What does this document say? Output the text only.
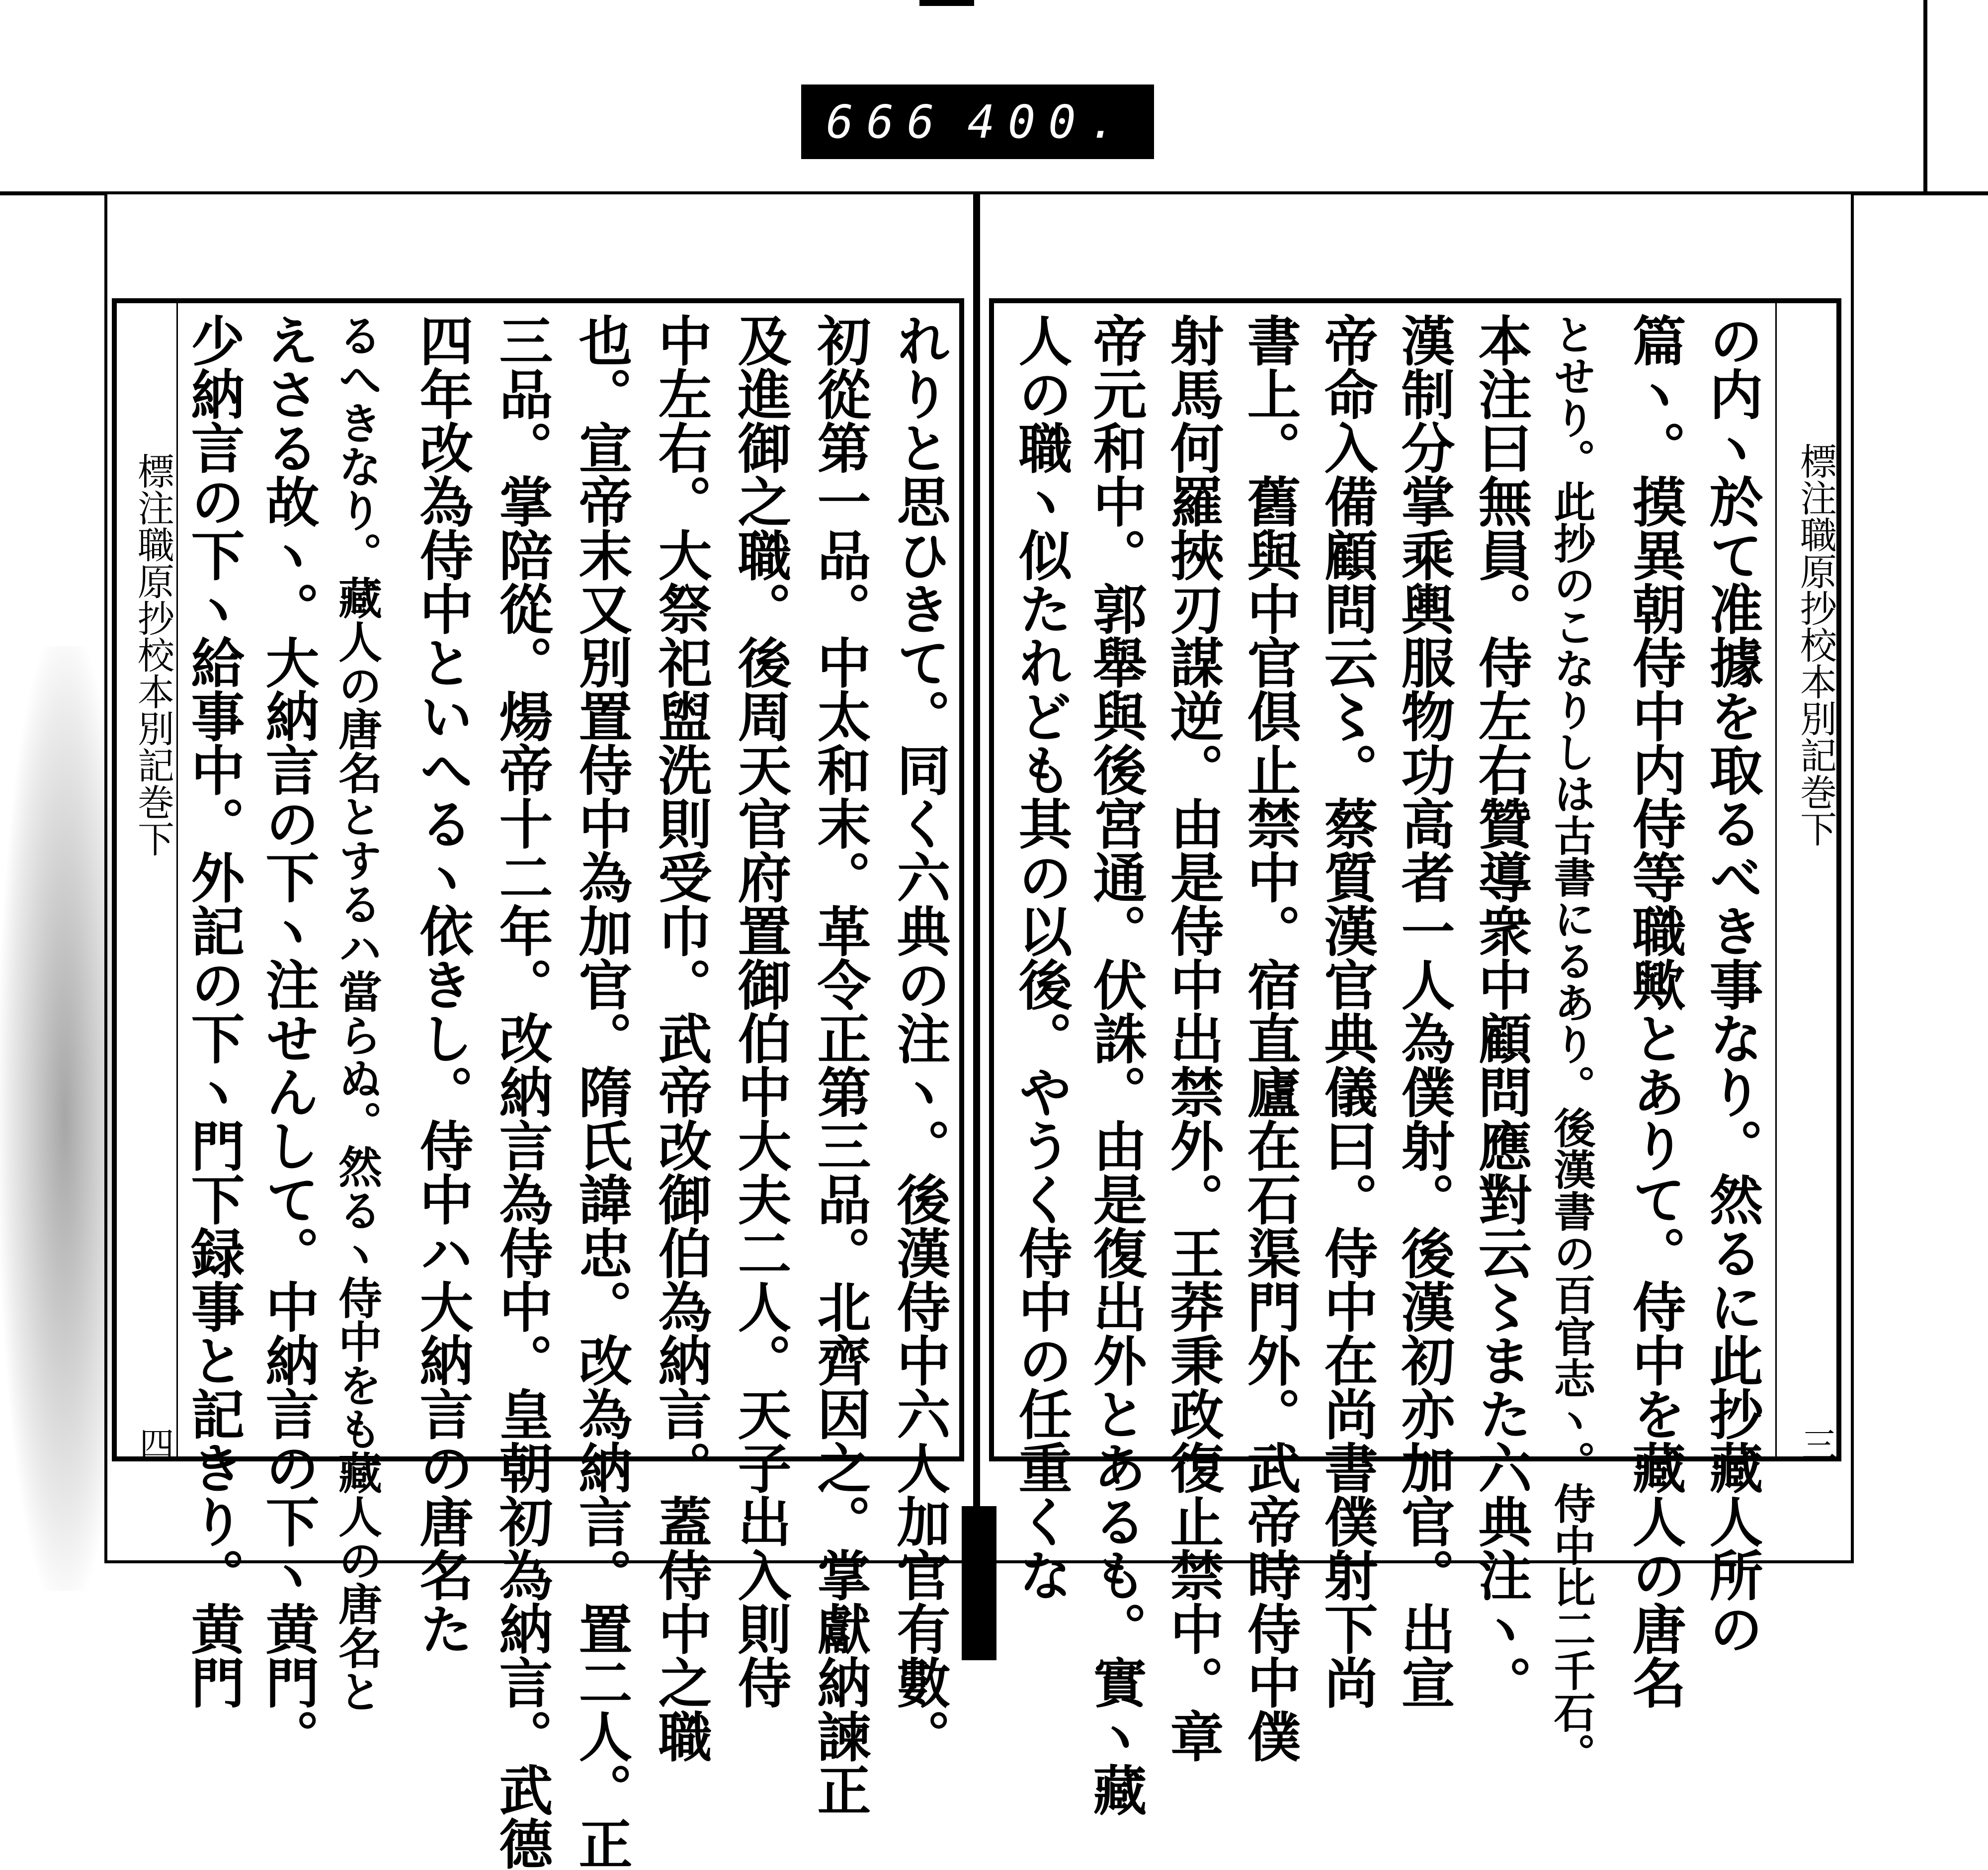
666 400.
標注職原抄校本別記巻下
四	れりと思ひきて。同く六典の注ヽ。後漢侍中六人加官有數。
初從第一品。中太和末。革令正第三品。北齊因之。掌獻納諫正
及進御之職。後周天官府置御伯中大夫二人。天子出入則侍
中左右。大祭祀盥洗則受巾。武帝改御伯為納言。蓋侍中之職
也。宣帝末又別置侍中為加官。隋氏諱忠。改為納言。置二人。正
三品。掌陪從。煬帝十二年。改納言為侍中。皇朝初為納言。武德
四年改為侍中といへるヽ依きし。侍中ハ大納言の唐名た
るへきなり。藏人の唐名とするハ當らぬ。然るヽ侍中をも藏人の唐名と
えさる故ヽ。大納言の下ヽ注せんして。中納言の下ヽ黄門。
少納言の下ヽ給事中。外記の下ヽ門下録事と記きり。黄門	標注職原抄校本別記巻下
三
の内ヽ於て准據を取るべき事なり。然るに此抄藏人所の
篇ヽ。摸異朝侍中内侍等職歟とありて。侍中を藏人の唐名
とせり。此抄のこなりしは古書にるあり。後漢書の百官志ヽ。侍中比二千石。
本注曰無員。侍左右贊導衆中顧問應對云〻また六典注ヽ。
漢制分掌乘輿服物功高者一人為僕射。後漢初亦加官。出宣
帝命入備顧問云〻。蔡質漢官典儀曰。侍中在尚書僕射下尚
書上。舊與中官倶止禁中。宿直廬在石渠門外。武帝時侍中僕
射馬何羅挾刃謀逆。由是侍中出禁外。王莽秉政復止禁中。章
帝元和中。郭舉與後宮通。伏誅。由是復出外とあるも。實ヽ藏
人の職ヽ似たれども其の以後。やうく侍中の任重くな
